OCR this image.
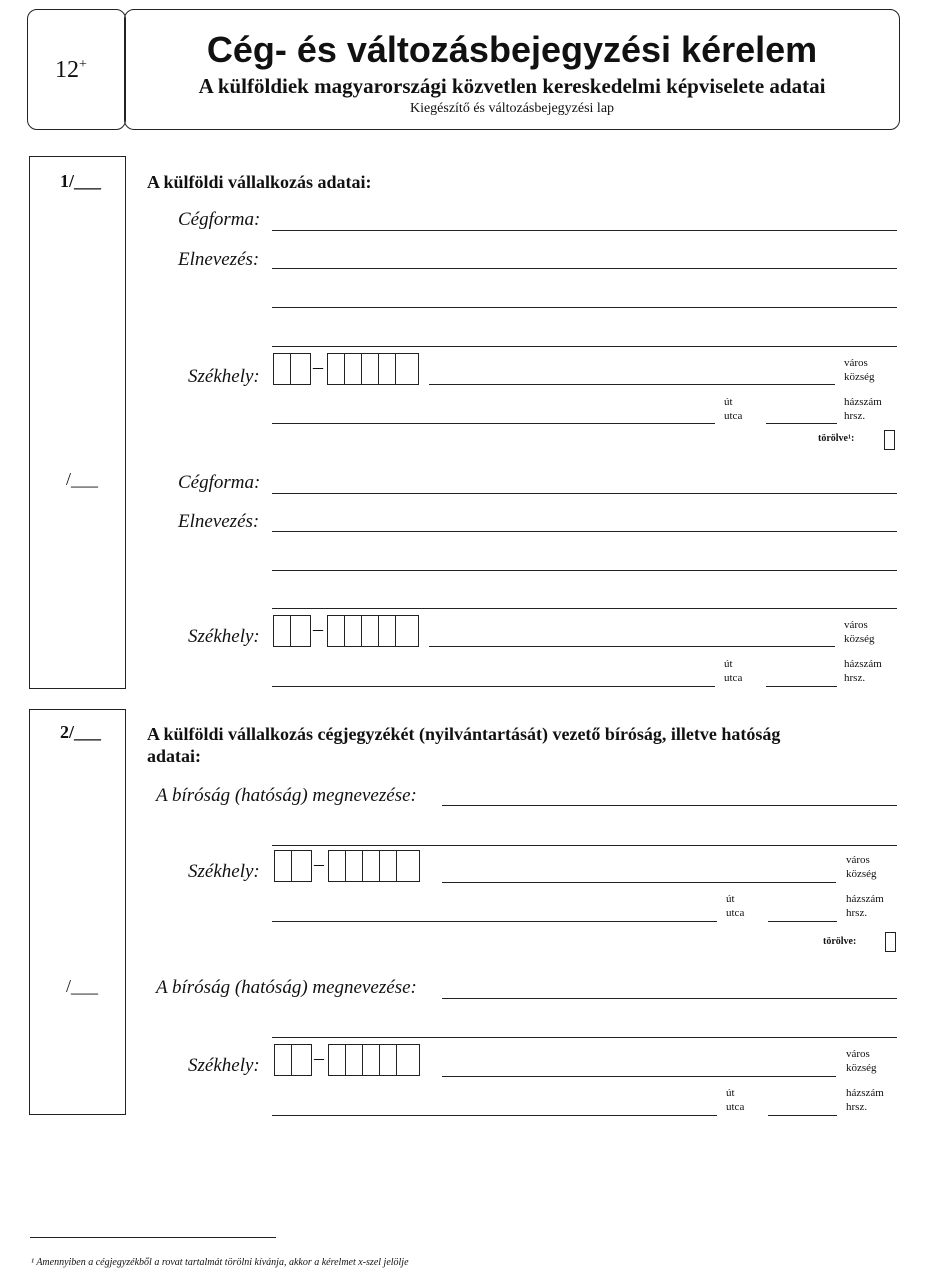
12+	Cég- és változásbejegyzési kérelem
A külföldiek magyarországi közvetlen kereskedelmi képviselete adatai
Kiegészítő és változásbejegyzési lap
1/___
/___
A külföldi vállalkozás adatai:
Cégforma:
Elnevezés:
Székhely:	–	város
község
út
utca
házszám
hrsz.
törölve¹:
Cégforma:
Elnevezés:
Székhely:	–	város
község
út
utca
házszám
hrsz.
2/___
/___
A külföldi vállalkozás cégjegyzékét (nyilvántartását) vezető bíróság, illetve hatóság
adatai:
A bíróság (hatóság) megnevezése:
Székhely:	–	város
község
út
utca
házszám
hrsz.
törölve:
A bíróság (hatóság) megnevezése:
Székhely:	–	város
község
út
utca
házszám
hrsz.
¹ Amennyiben a cégjegyzékből a rovat tartalmát törölni kívánja, akkor a kérelmet x-szel jelölje
